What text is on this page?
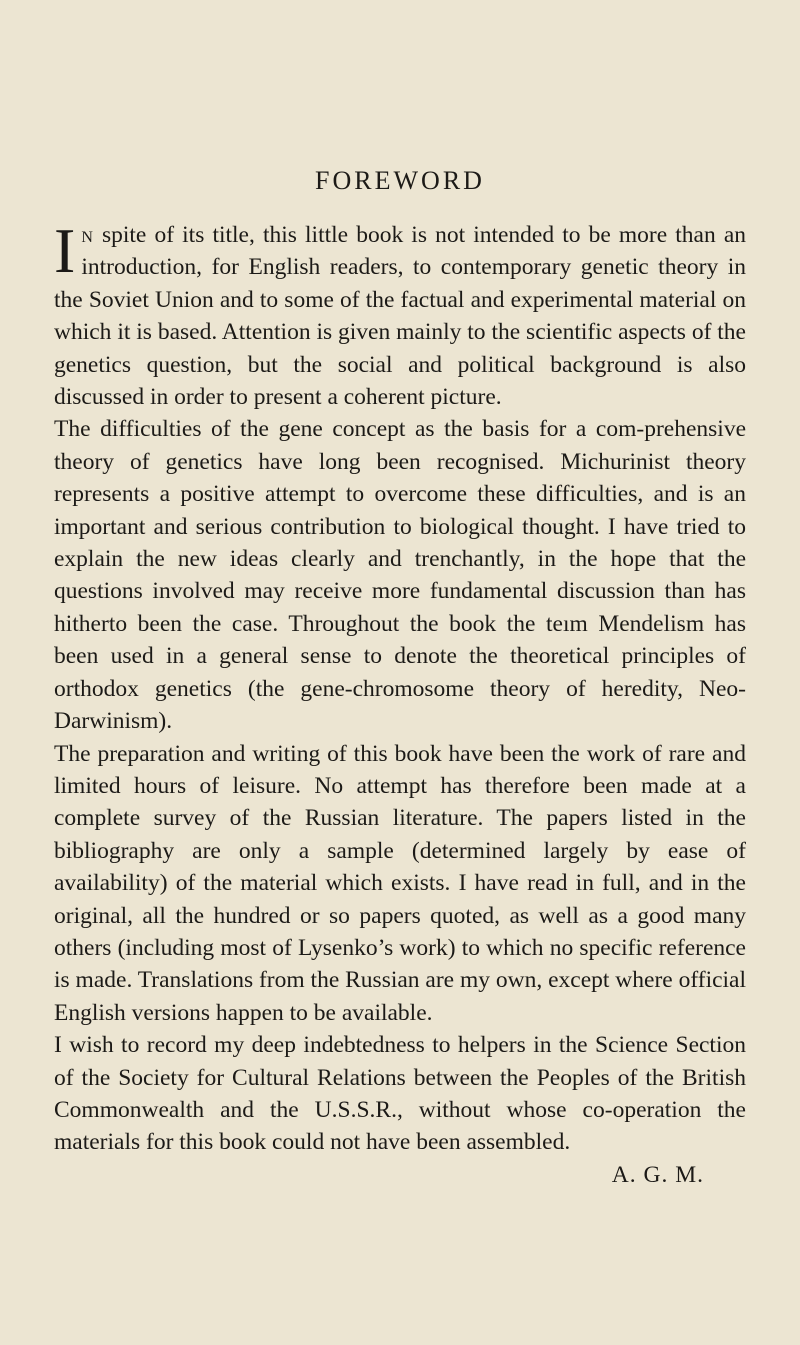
FOREWORD

In spite of its title, this little book is not intended to be more than an introduction, for English readers, to contemporary genetic theory in the Soviet Union and to some of the factual and experimental material on which it is based. Attention is given mainly to the scientific aspects of the genetics question, but the social and political background is also discussed in order to present a coherent picture.

The difficulties of the gene concept as the basis for a com-prehensive theory of genetics have long been recognised. Michurinist theory represents a positive attempt to overcome these difficulties, and is an important and serious contribution to biological thought. I have tried to explain the new ideas clearly and trenchantly, in the hope that the questions involved may receive more fundamental discussion than has hitherto been the case. Throughout the book the teım Mendelism has been used in a general sense to denote the theoretical principles of orthodox genetics (the gene-chromosome theory of heredity, Neo-Darwinism).

The preparation and writing of this book have been the work of rare and limited hours of leisure. No attempt has therefore been made at a complete survey of the Russian literature. The papers listed in the bibliography are only a sample (determined largely by ease of availability) of the material which exists. I have read in full, and in the original, all the hundred or so papers quoted, as well as a good many others (including most of Lysenko’s work) to which no specific reference is made. Translations from the Russian are my own, except where official English versions happen to be available.

I wish to record my deep indebtedness to helpers in the Science Section of the Society for Cultural Relations between the Peoples of the British Commonwealth and the U.S.S.R., without whose co-operation the materials for this book could not have been assembled.

A. G. M.
